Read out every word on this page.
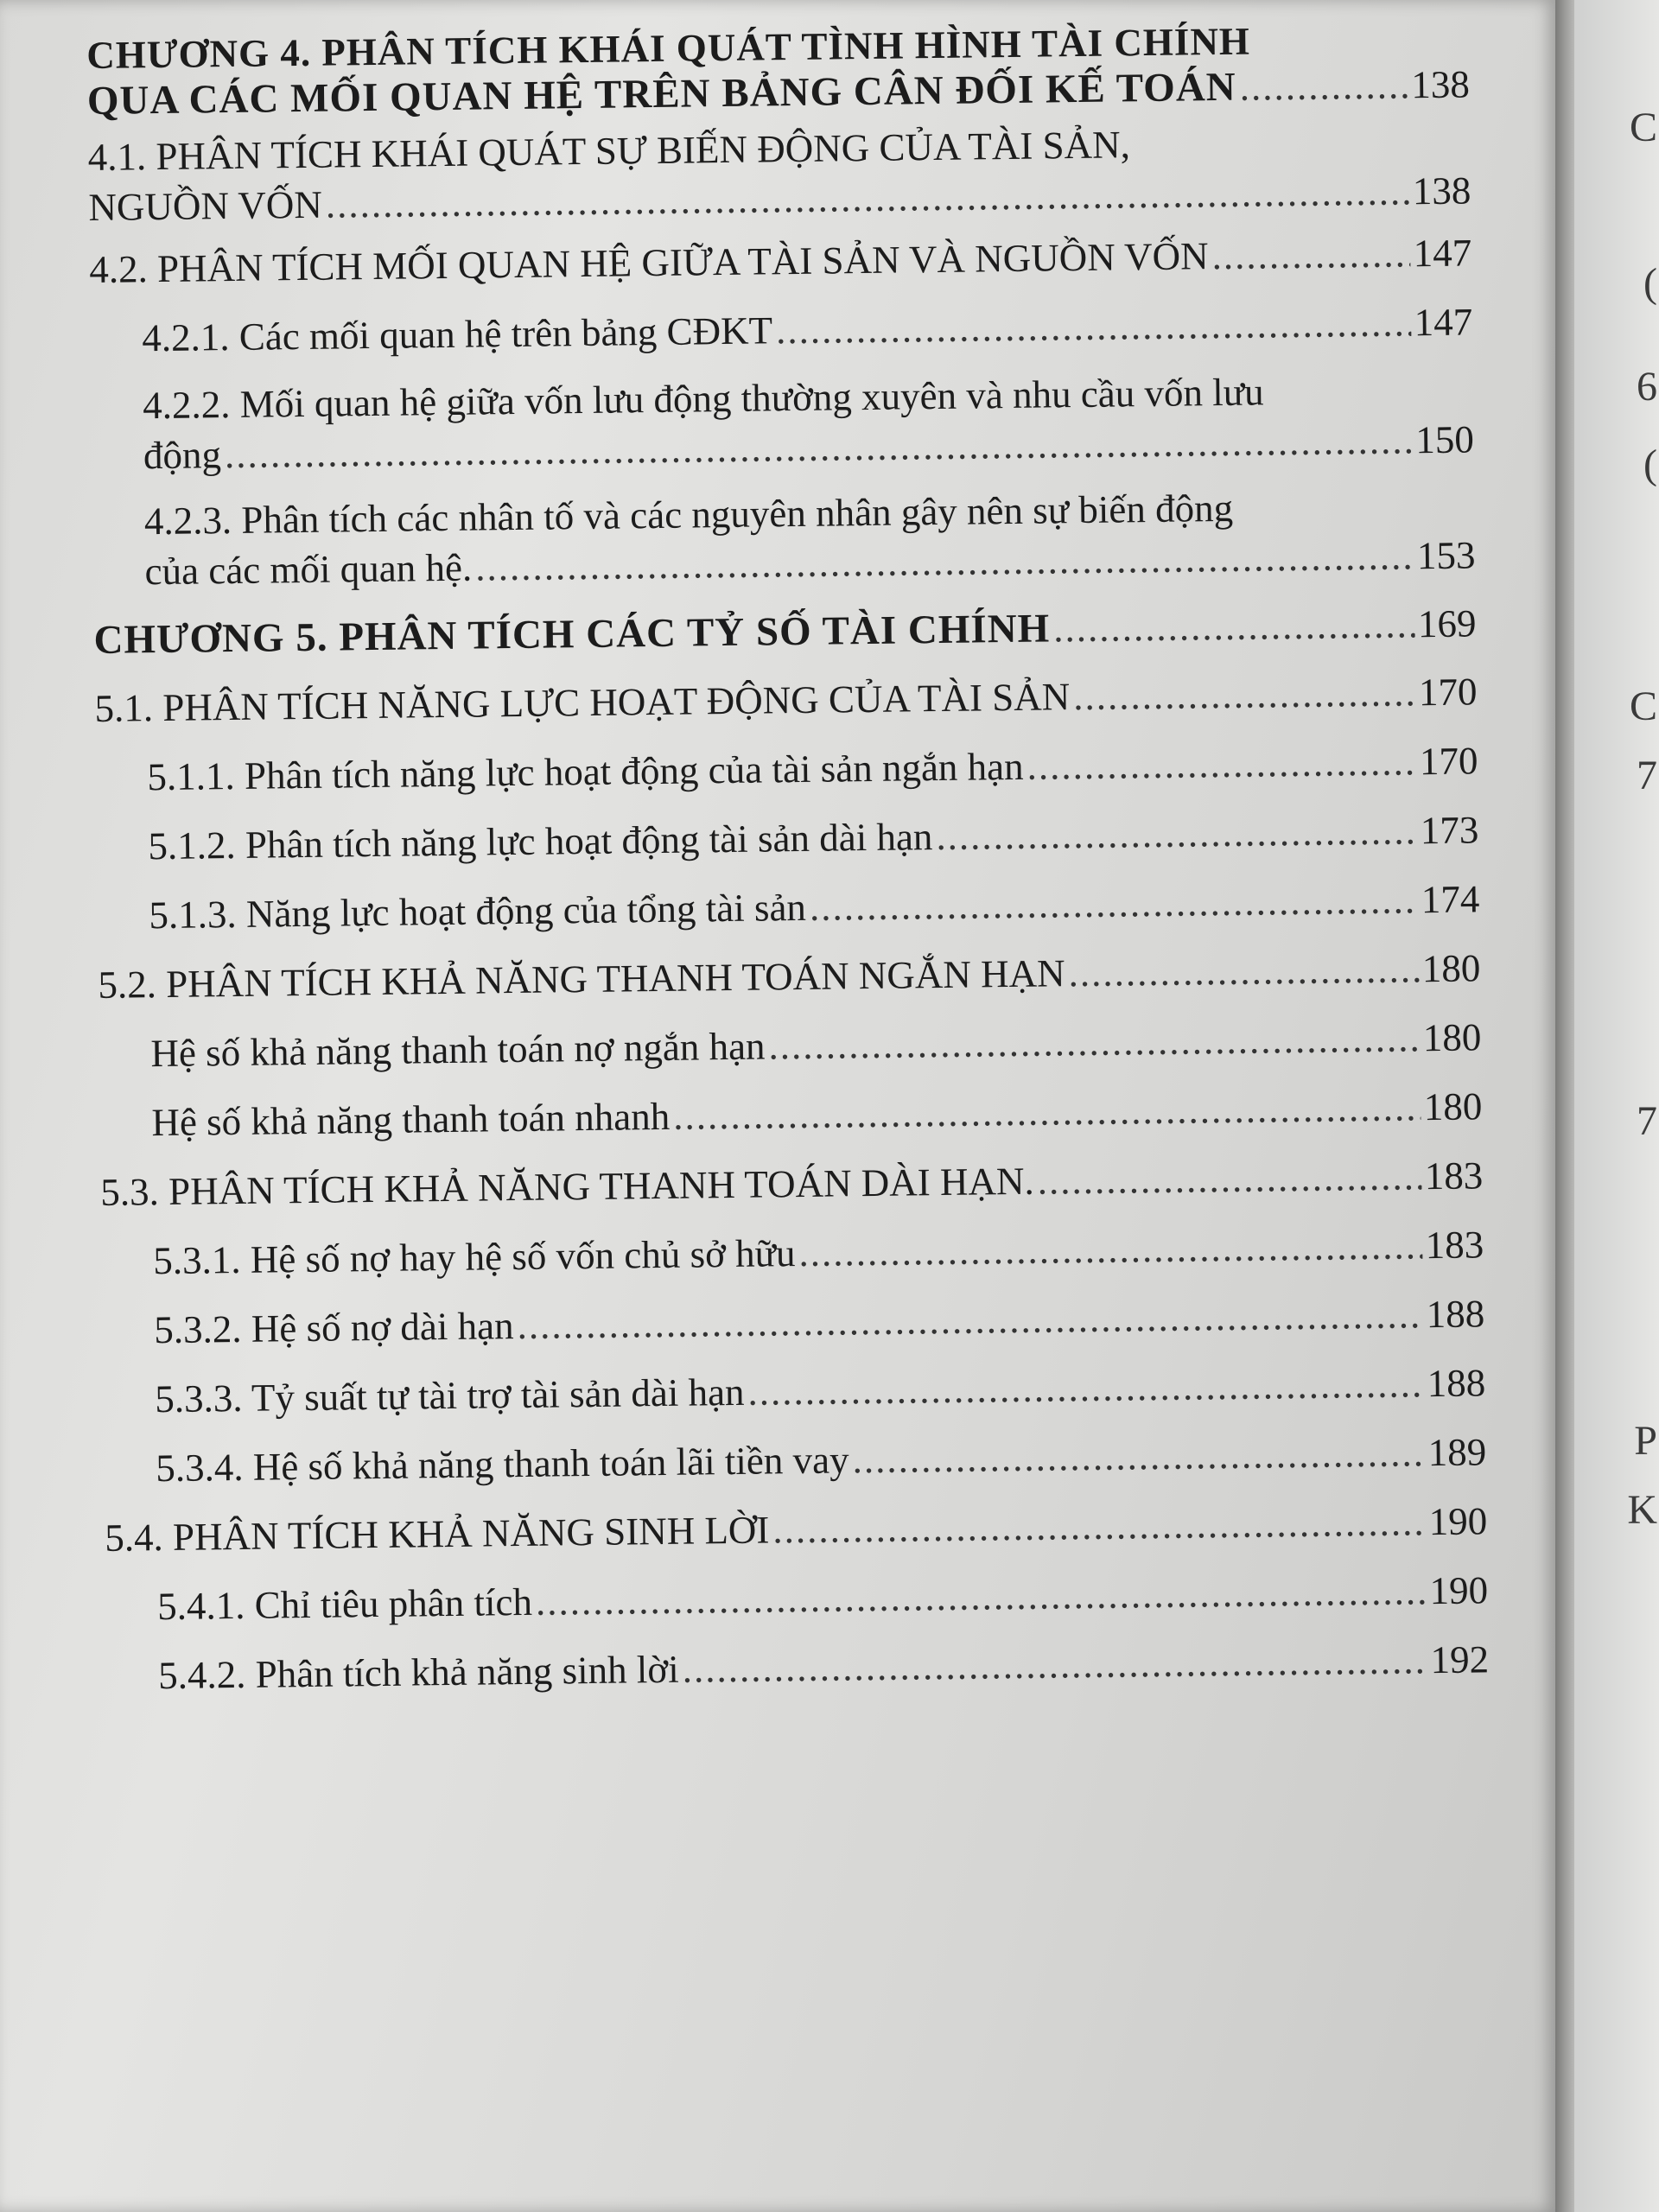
CHƯƠNG 4. PHÂN TÍCH KHÁI QUÁT TÌNH HÌNH TÀI CHÍNH
QUA CÁC MỐI QUAN HỆ TRÊN BẢNG CÂN ĐỐI KẾ TOÁN .....	138
4.1. PHÂN TÍCH KHÁI QUÁT SỰ BIẾN ĐỘNG CỦA TÀI SẢN,
NGUỒN VỐN .....	138
4.2. PHÂN TÍCH MỐI QUAN HỆ GIỮA TÀI SẢN VÀ NGUỒN VỐN .....	147
4.2.1. Các mối quan hệ trên bảng CĐKT .....	147
4.2.2. Mối quan hệ giữa vốn lưu động thường xuyên và nhu cầu vốn lưu
động .....	150
4.2.3. Phân tích các nhân tố và các nguyên nhân gây nên sự biến động
của các mối quan hệ. .....	153
CHƯƠNG 5. PHÂN TÍCH CÁC TỶ SỐ TÀI CHÍNH .....	169
5.1. PHÂN TÍCH NĂNG LỰC HOẠT ĐỘNG CỦA TÀI SẢN .....	170
5.1.1. Phân tích năng lực hoạt động của tài sản ngắn hạn .....	170
5.1.2. Phân tích năng lực hoạt động tài sản dài hạn .....	173
5.1.3. Năng lực hoạt động của tổng tài sản .....	174
5.2. PHÂN TÍCH KHẢ NĂNG THANH TOÁN NGẮN HẠN .....	180
Hệ số khả năng thanh toán nợ ngắn hạn .....	180
Hệ số khả năng thanh toán nhanh .....	180
5.3. PHÂN TÍCH KHẢ NĂNG THANH TOÁN DÀI HẠN. .....	183
5.3.1. Hệ số nợ hay hệ số vốn chủ sở hữu .....	183
5.3.2. Hệ số nợ dài hạn .....	188
5.3.3. Tỷ suất tự tài trợ tài sản dài hạn .....	188
5.3.4. Hệ số khả năng thanh toán lãi tiền vay .....	189
5.4. PHÂN TÍCH KHẢ NĂNG SINH LỜI .....	190
5.4.1. Chỉ tiêu phân tích .....	190
5.4.2. Phân tích khả năng sinh lời .....	192
C
(
6
(
C
7
7
P
K
